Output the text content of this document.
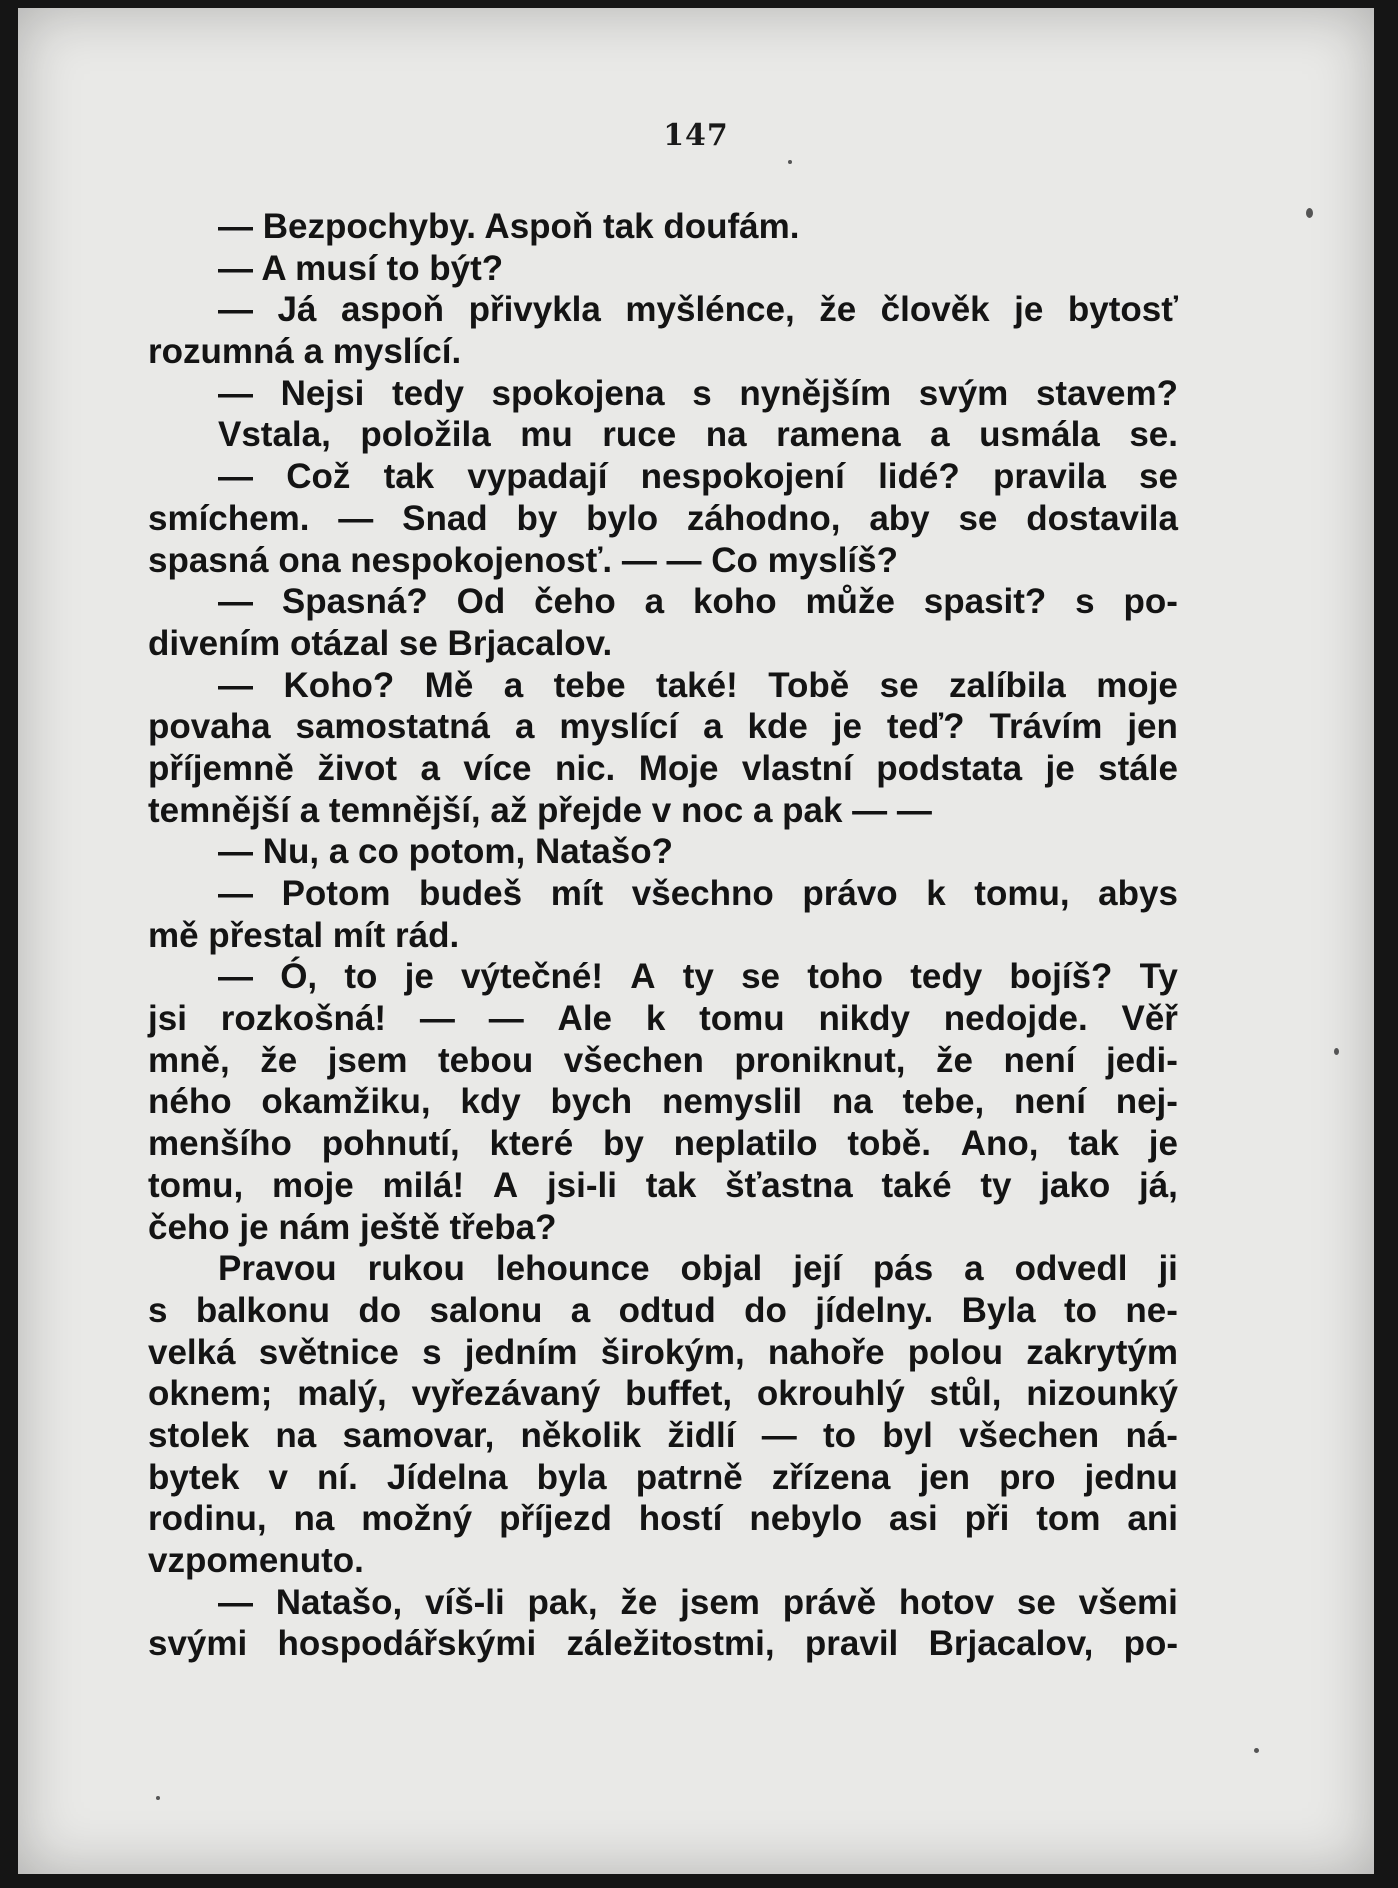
147
— Bezpochyby. Aspoň tak doufám.
— A musí to být?
— Já aspoň přivykla myšlénce, že člověk je bytosť
rozumná a myslící.
— Nejsi tedy spokojena s nynějším svým stavem?
Vstala, položila mu ruce na ramena a usmála se.
— Což tak vypadají nespokojení lidé? pravila se
smíchem. — Snad by bylo záhodno, aby se dostavila
spasná ona nespokojenosť. — — Co myslíš?
— Spasná? Od čeho a koho může spasit? s po-
divením otázal se Brjacalov.
— Koho? Mě a tebe také! Tobě se zalíbila moje
povaha samostatná a myslící a kde je teď? Trávím jen
příjemně život a více nic. Moje vlastní podstata je stále
temnější a temnější, až přejde v noc a pak — —
— Nu, a co potom, Natašo?
— Potom budeš mít všechno právo k tomu, abys
mě přestal mít rád.
— Ó, to je výtečné! A ty se toho tedy bojíš? Ty
jsi rozkošná! — — Ale k tomu nikdy nedojde. Věř
mně, že jsem tebou všechen proniknut, že není jedi-
ného okamžiku, kdy bych nemyslil na tebe, není nej-
menšího pohnutí, které by neplatilo tobě. Ano, tak je
tomu, moje milá! A jsi-li tak šťastna také ty jako já,
čeho je nám ještě třeba?
Pravou rukou lehounce objal její pás a odvedl ji
s balkonu do salonu a odtud do jídelny. Byla to ne-
velká světnice s jedním širokým, nahoře polou zakrytým
oknem; malý, vyřezávaný buffet, okrouhlý stůl, nizounký
stolek na samovar, několik židlí — to byl všechen ná-
bytek v ní. Jídelna byla patrně zřízena jen pro jednu
rodinu, na možný příjezd hostí nebylo asi při tom ani
vzpomenuto.
— Natašo, víš-li pak, že jsem právě hotov se všemi
svými hospodářskými záležitostmi, pravil Brjacalov, po-
